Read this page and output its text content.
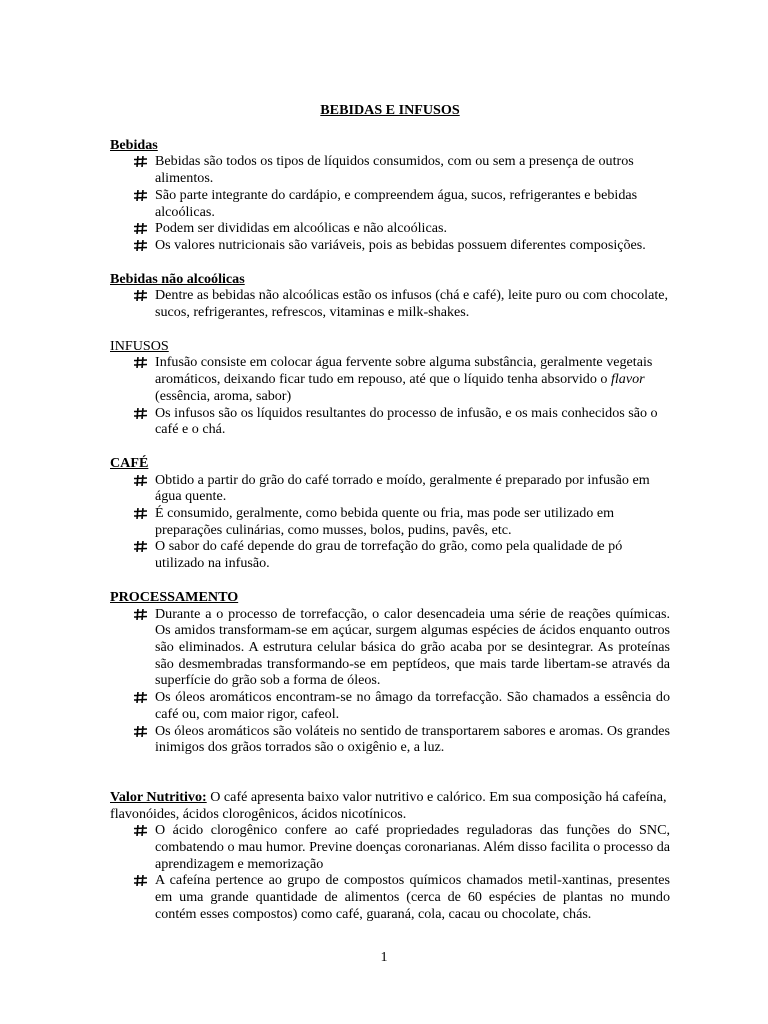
BEBIDAS E INFUSOS
Bebidas
Bebidas são todos os tipos de líquidos consumidos, com ou sem a presença de outros alimentos.
São parte integrante do cardápio, e compreendem água, sucos, refrigerantes e bebidas alcoólicas.
Podem ser divididas em alcoólicas e não alcoólicas.
Os valores nutricionais são variáveis, pois as bebidas possuem diferentes composições.
Bebidas não alcoólicas
Dentre as bebidas não alcoólicas estão os infusos (chá e café), leite puro ou com chocolate, sucos, refrigerantes, refrescos, vitaminas e milk-shakes.
INFUSOS
Infusão consiste em colocar água fervente sobre alguma substância, geralmente vegetais aromáticos, deixando ficar tudo em repouso, até que o líquido tenha absorvido o flavor (essência, aroma, sabor)
Os infusos são os líquidos resultantes do processo de infusão, e os mais conhecidos são o café e o chá.
CAFÉ
Obtido a partir do grão do café torrado e moído, geralmente é preparado por infusão em água quente.
É consumido, geralmente, como bebida quente ou fria, mas pode ser utilizado em preparações culinárias, como musses, bolos, pudins, pavês, etc.
O sabor do café depende do grau de torrefação do grão, como pela qualidade de pó utilizado na infusão.
PROCESSAMENTO
Durante a o processo de torrefacção, o calor desencadeia uma série de reações químicas. Os amidos transformam-se em açúcar, surgem algumas espécies de ácidos enquanto outros são eliminados. A estrutura celular básica do grão acaba por se desintegrar. As proteínas são desmembradas transformando-se em peptídeos, que mais tarde libertam-se através da superfície do grão sob a forma de óleos.
Os óleos aromáticos encontram-se no âmago da torrefacção. São chamados a essência do café ou, com maior rigor, cafeol.
Os óleos aromáticos são voláteis no sentido de transportarem sabores e aromas. Os grandes inimigos dos grãos torrados são o oxigênio e, a luz.
Valor Nutritivo: O café apresenta baixo valor nutritivo e calórico. Em sua composição há cafeína, flavonóides, ácidos clorogênicos, ácidos nicotínicos.
O ácido clorogênico confere ao café propriedades reguladoras das funções do SNC, combatendo o mau humor. Previne doenças coronarianas. Além disso facilita o processo da aprendizagem e memorização
A cafeína pertence ao grupo de compostos químicos chamados metil-xantinas, presentes em uma grande quantidade de alimentos (cerca de 60 espécies de plantas no mundo contém esses compostos) como café, guaraná, cola, cacau ou chocolate, chás.
1
